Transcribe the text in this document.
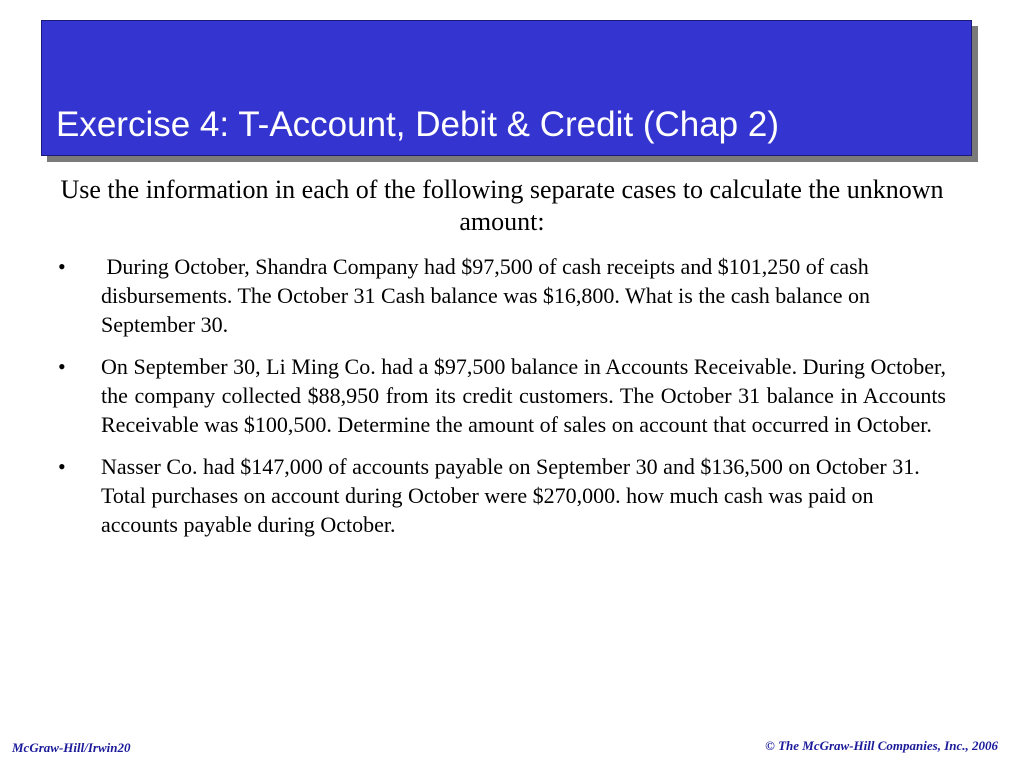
Exercise 4: T-Account, Debit & Credit (Chap 2)

Use the information in each of the following separate cases to calculate the unknown amount:

• During October, Shandra Company had $97,500 of cash receipts and $101,250 of cash disbursements. The October 31 Cash balance was $16,800. What is the cash balance on September 30.
• On September 30, Li Ming Co. had a $97,500 balance in Accounts Receivable. During October, the company collected $88,950 from its credit customers. The October 31 balance in Accounts Receivable was $100,500. Determine the amount of sales on account that occurred in October.
• Nasser Co. had $147,000 of accounts payable on September 30 and $136,500 on October 31. Total purchases on account during October were $270,000. how much cash was paid on accounts payable during October.
McGraw-Hill/Irwin20	© The McGraw-Hill Companies, Inc., 2006
